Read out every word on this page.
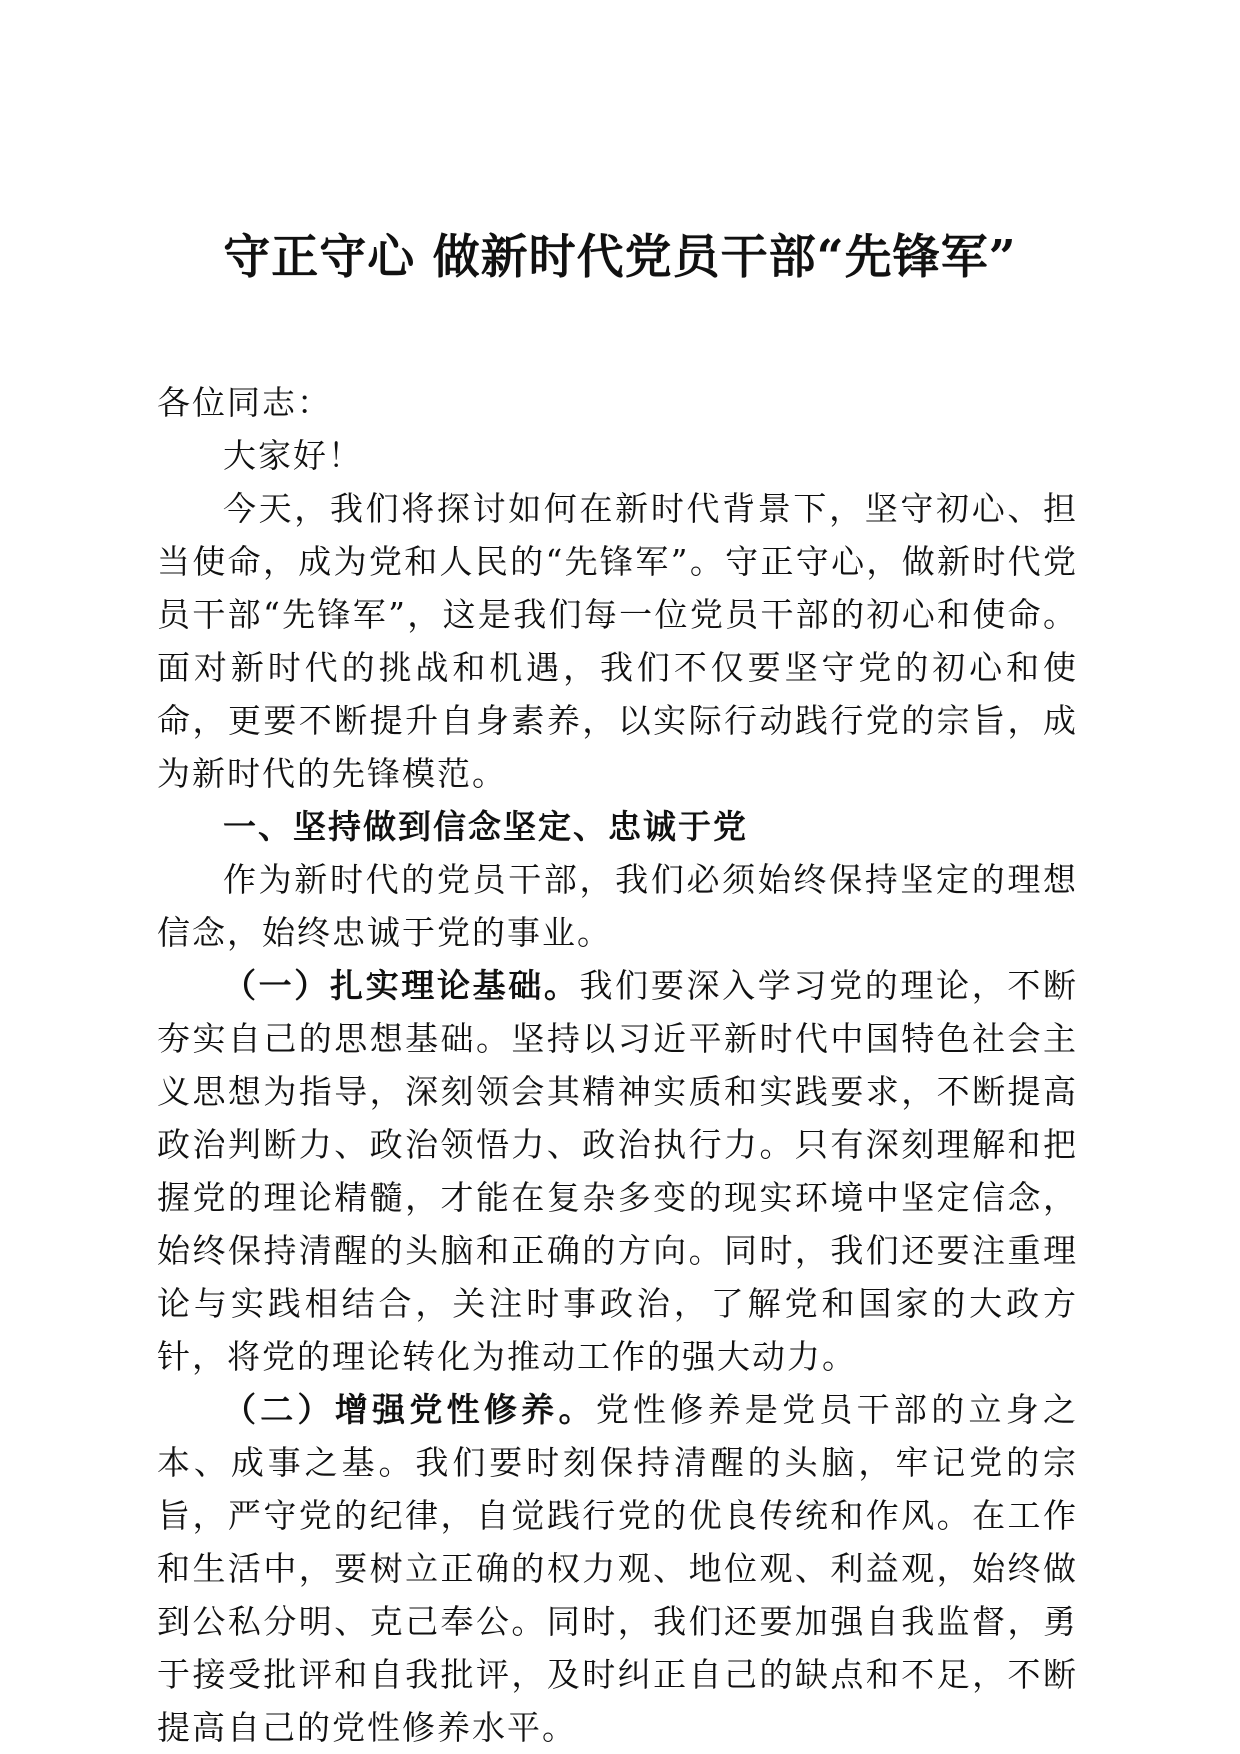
守正守心 做新时代党员干部“先锋军”

各位同志：

大家好！

今天，我们将探讨如何在新时代背景下，坚守初心、担当使命，成为党和人民的“先锋军”。守正守心，做新时代党员干部“先锋军”，这是我们每一位党员干部的初心和使命。面对新时代的挑战和机遇，我们不仅要坚守党的初心和使命，更要不断提升自身素养，以实际行动践行党的宗旨，成为新时代的先锋模范。

一、坚持做到信念坚定、忠诚于党

作为新时代的党员干部，我们必须始终保持坚定的理想信念，始终忠诚于党的事业。

（一）扎实理论基础。我们要深入学习党的理论，不断夯实自己的思想基础。坚持以习近平新时代中国特色社会主义思想为指导，深刻领会其精神实质和实践要求，不断提高政治判断力、政治领悟力、政治执行力。只有深刻理解和把握党的理论精髓，才能在复杂多变的现实环境中坚定信念，始终保持清醒的头脑和正确的方向。同时，我们还要注重理论与实践相结合，关注时事政治，了解党和国家的大政方针，将党的理论转化为推动工作的强大动力。

（二）增强党性修养。党性修养是党员干部的立身之本、成事之基。我们要时刻保持清醒的头脑，牢记党的宗旨，严守党的纪律，自觉践行党的优良传统和作风。在工作和生活中，要树立正确的权力观、地位观、利益观，始终做到公私分明、克己奉公。同时，我们还要加强自我监督，勇于接受批评和自我批评，及时纠正自己的缺点和不足，不断提高自己的党性修养水平。
